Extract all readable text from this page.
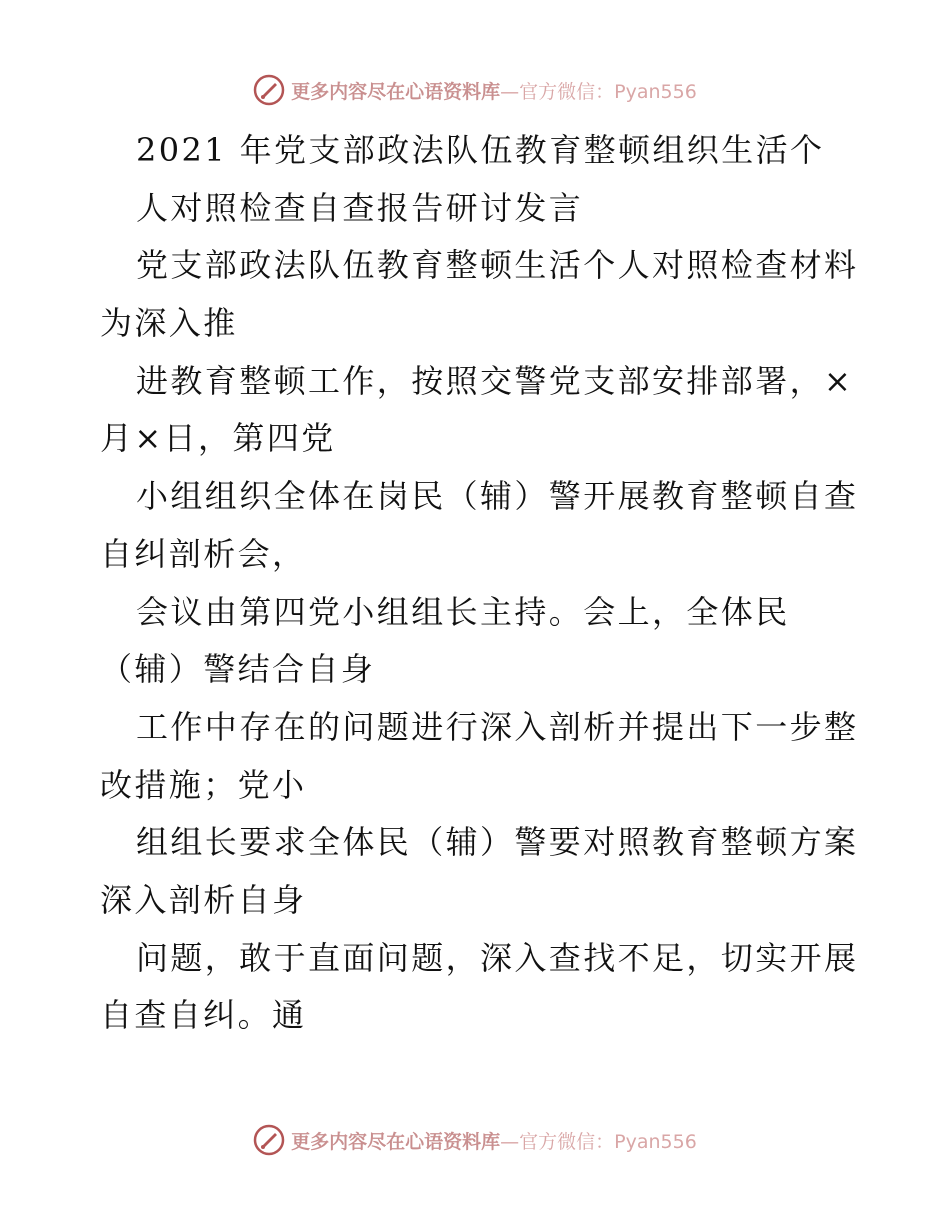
更多内容尽在心语资料库—官方微信：Pyan556
2021 年党支部政法队伍教育整顿组织生活个
人对照检查自查报告研讨发言
党支部政法队伍教育整顿生活个人对照检查材料
为深入推
进教育整顿工作，按照交警党支部安排部署，×
月×日，第四党
小组组织全体在岗民（辅）警开展教育整顿自查
自纠剖析会，
会议由第四党小组组长主持。会上，全体民
（辅）警结合自身
工作中存在的问题进行深入剖析并提出下一步整
改措施；党小
组组长要求全体民（辅）警要对照教育整顿方案
深入剖析自身
问题，敢于直面问题，深入查找不足，切实开展
自查自纠。通
更多内容尽在心语资料库—官方微信：Pyan556
